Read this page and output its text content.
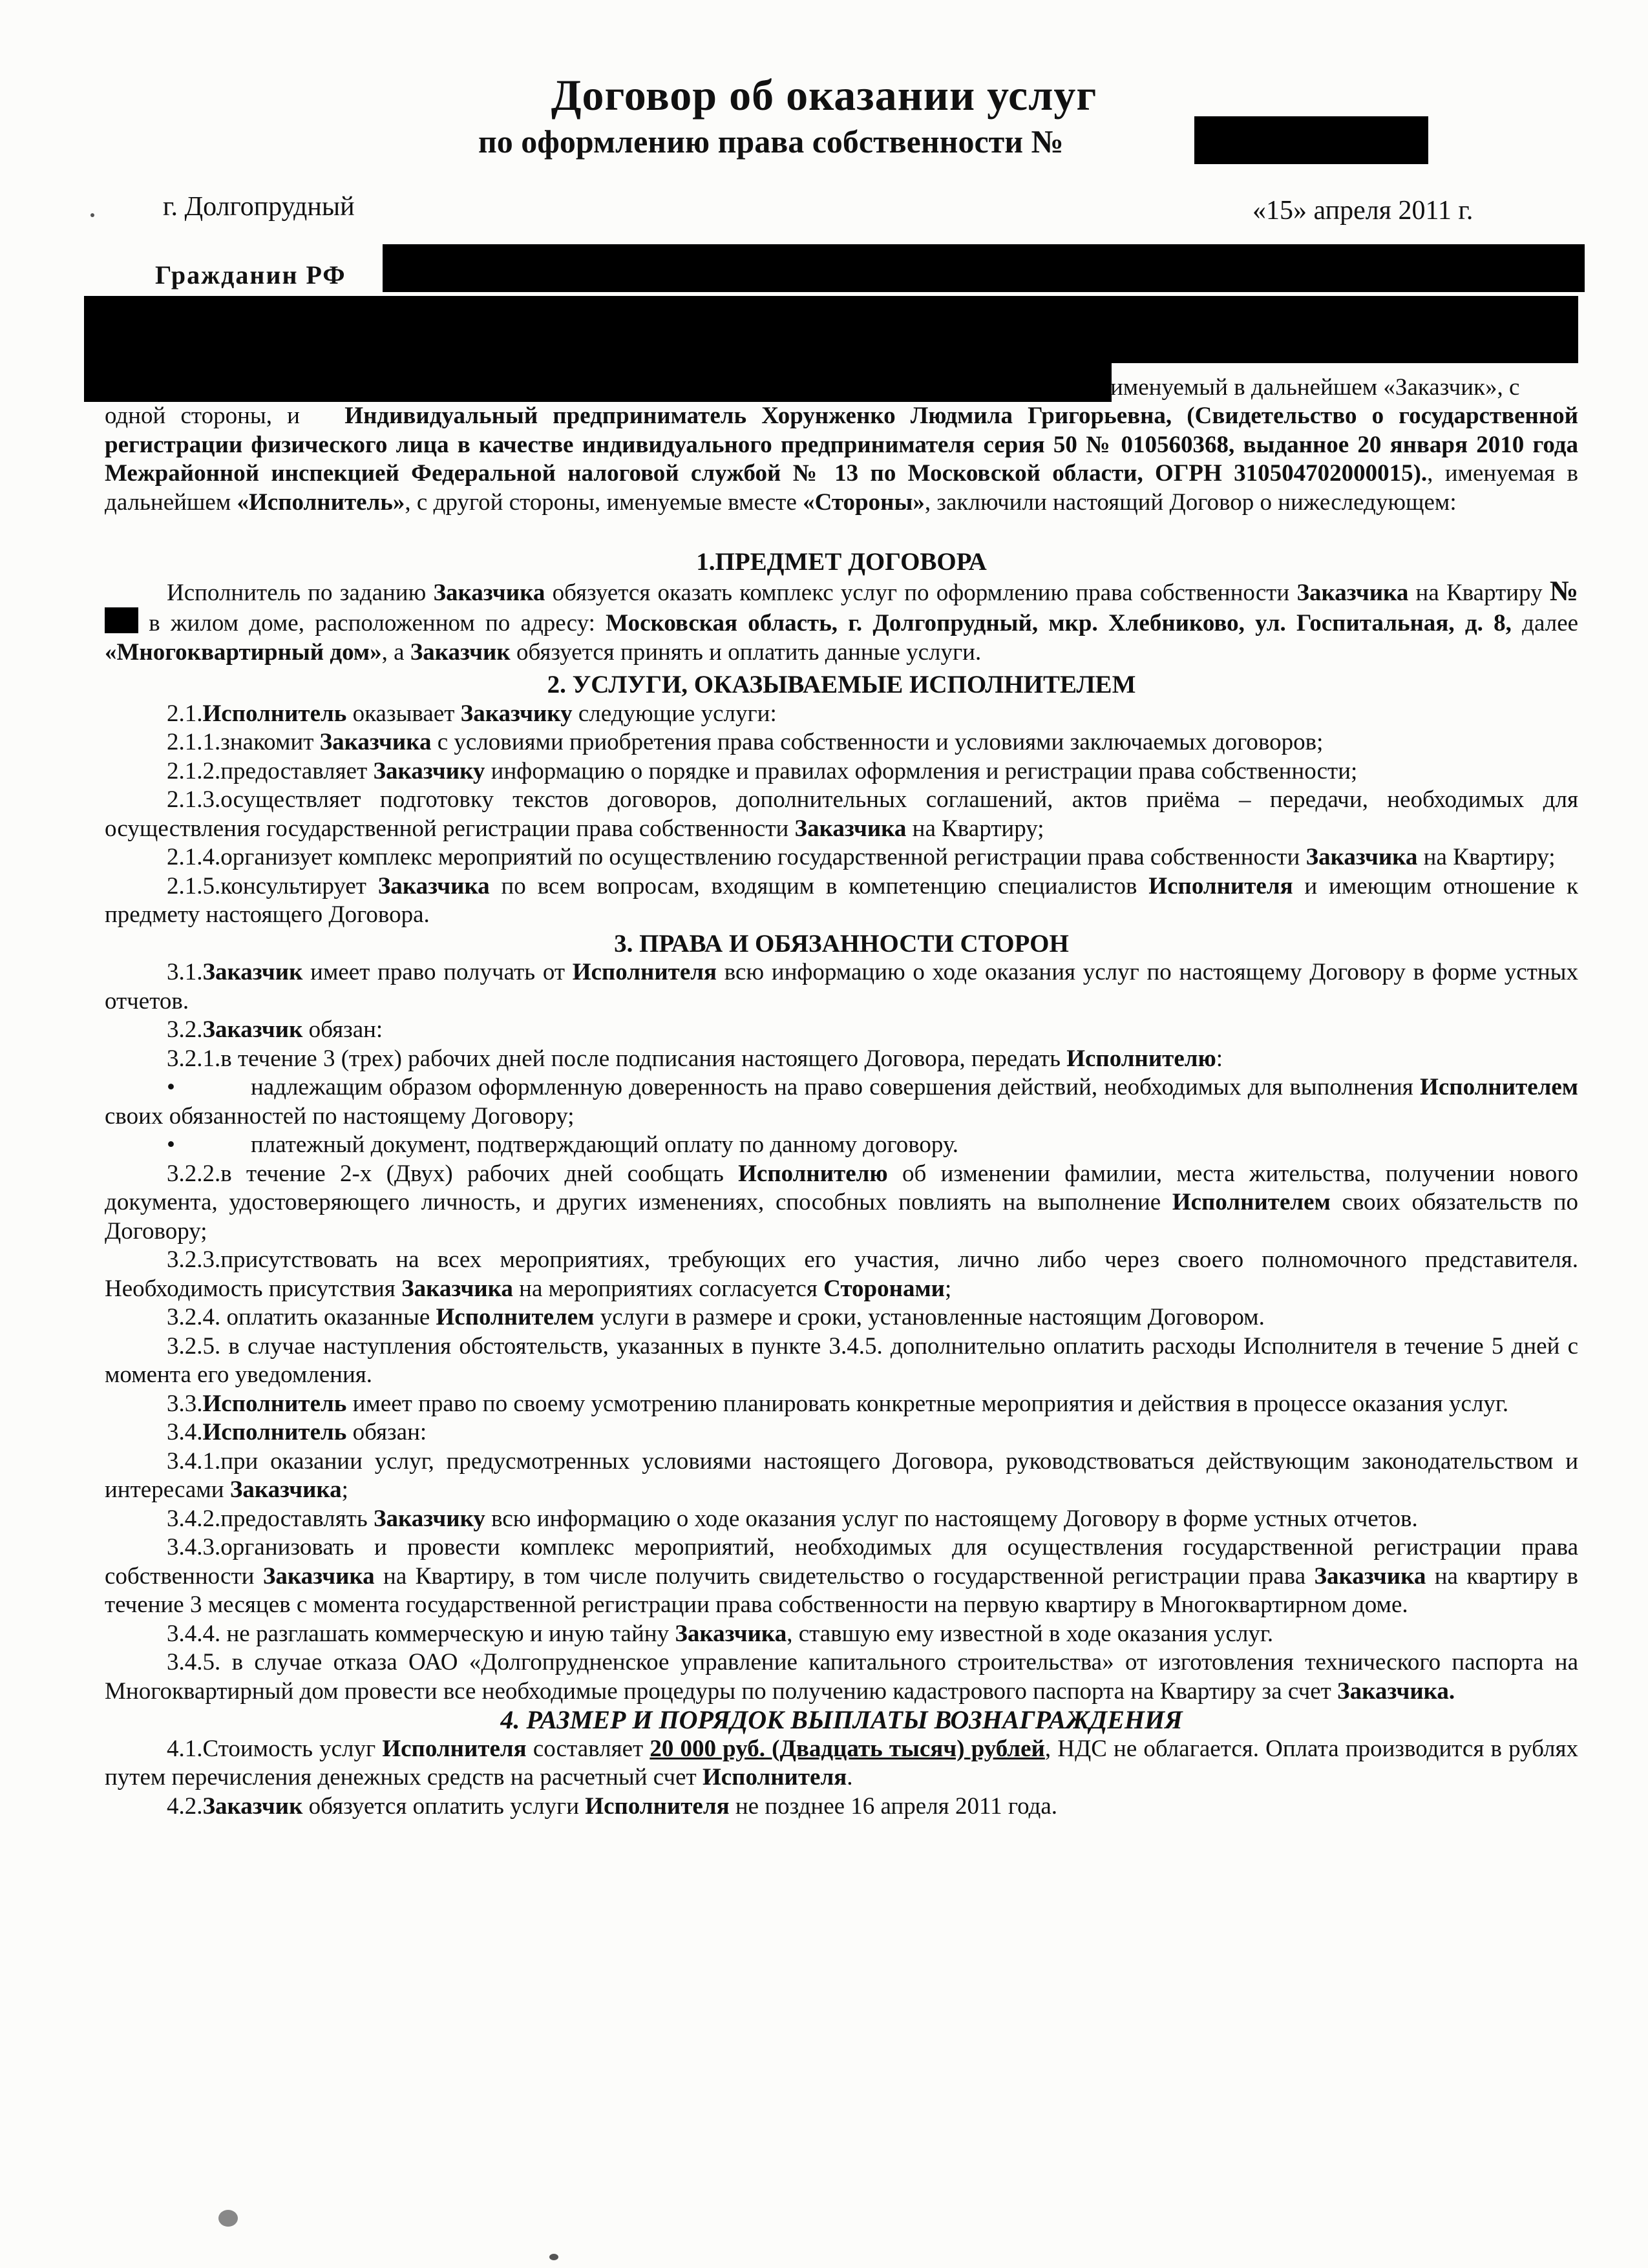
Договор об оказании услуг
по оформлению права собственности №
г. Долгопрудный	«15» апреля 2011 г.
Гражданин РФ
именуемый в дальнейшем «Заказчик», с

одной стороны, и Индивидуальный предприниматель Хорунженко Людмила Григорьевна, (Свидетельство о государственной регистрации физического лица в качестве индивидуального предпринимателя серия 50 № 010560368, выданное 20 января 2010 года Межрайонной инспекцией Федеральной налоговой службой № 13 по Московской области, ОГРН 310504702000015)., именуемая в дальнейшем «Исполнитель», с другой стороны, именуемые вместе «Стороны», заключили настоящий Договор о нижеследующем:

1.ПРЕДМЕТ ДОГОВОРА

Исполнитель по заданию Заказчика обязуется оказать комплекс услуг по оформлению права собственности Заказчика на Квартиру №  в жилом доме, расположенном по адресу: Московская область, г. Долгопрудный, мкр. Хлебниково, ул. Госпитальная, д. 8, далее «Многоквартирный дом», а Заказчик обязуется принять и оплатить данные услуги.

2. УСЛУГИ, ОКАЗЫВАЕМЫЕ ИСПОЛНИТЕЛЕМ

2.1.Исполнитель оказывает Заказчику следующие услуги:

2.1.1.знакомит Заказчика с условиями приобретения права собственности и условиями заключаемых договоров;

2.1.2.предоставляет Заказчику информацию о порядке и правилах оформления и регистрации права собственности;

2.1.3.осуществляет подготовку текстов договоров, дополнительных соглашений, актов приёма – передачи, необходимых для осуществления государственной регистрации права собственности Заказчика на Квартиру;

2.1.4.организует комплекс мероприятий по осуществлению государственной регистрации права собственности Заказчика на Квартиру;

2.1.5.консультирует Заказчика по всем вопросам, входящим в компетенцию специалистов Исполнителя и имеющим отношение к предмету настоящего Договора.

3. ПРАВА И ОБЯЗАННОСТИ СТОРОН

3.1.Заказчик имеет право получать от Исполнителя всю информацию о ходе оказания услуг по настоящему Договору в форме устных отчетов.

3.2.Заказчик обязан:

3.2.1.в течение 3 (трех) рабочих дней после подписания настоящего Договора, передать Исполнителю:

•	надлежащим образом оформленную доверенность на право совершения действий, необходимых для выполнения Исполнителем своих обязанностей по настоящему Договору;

•	платежный документ, подтверждающий оплату по данному договору.

3.2.2.в течение 2-х (Двух) рабочих дней сообщать Исполнителю об изменении фамилии, места жительства, получении нового документа, удостоверяющего личность, и других изменениях, способных повлиять на выполнение Исполнителем своих обязательств по Договору;

3.2.3.присутствовать на всех мероприятиях, требующих его участия, лично либо через своего полномочного представителя. Необходимость присутствия Заказчика на мероприятиях согласуется Сторонами;

3.2.4. оплатить оказанные Исполнителем услуги в размере и сроки, установленные настоящим Договором.

3.2.5. в случае наступления обстоятельств, указанных в пункте 3.4.5. дополнительно оплатить расходы Исполнителя в течение 5 дней с момента его уведомления.

3.3.Исполнитель имеет право по своему усмотрению планировать конкретные мероприятия и действия в процессе оказания услуг.

3.4.Исполнитель обязан:

3.4.1.при оказании услуг, предусмотренных условиями настоящего Договора, руководствоваться действующим законодательством и интересами Заказчика;

3.4.2.предоставлять Заказчику всю информацию о ходе оказания услуг по настоящему Договору в форме устных отчетов.

3.4.3.организовать и провести комплекс мероприятий, необходимых для осуществления государственной регистрации права собственности Заказчика на Квартиру, в том числе получить свидетельство о государственной регистрации права Заказчика на квартиру в течение 3 месяцев с момента государственной регистрации права собственности на первую квартиру в Многоквартирном доме.

3.4.4. не разглашать коммерческую и иную тайну Заказчика, ставшую ему известной в ходе оказания услуг.

3.4.5. в случае отказа ОАО «Долгопрудненское управление капитального строительства» от изготовления технического паспорта на Многоквартирный дом провести все необходимые процедуры по получению кадастрового паспорта на Квартиру за счет Заказчика.

4. РАЗМЕР И ПОРЯДОК ВЫПЛАТЫ ВОЗНАГРАЖДЕНИЯ

4.1.Стоимость услуг Исполнителя составляет 20 000 руб. (Двадцать тысяч) рублей, НДС не облагается. Оплата производится в рублях путем перечисления денежных средств на расчетный счет Исполнителя.

4.2.Заказчик обязуется оплатить услуги Исполнителя не позднее 16 апреля 2011 года.
